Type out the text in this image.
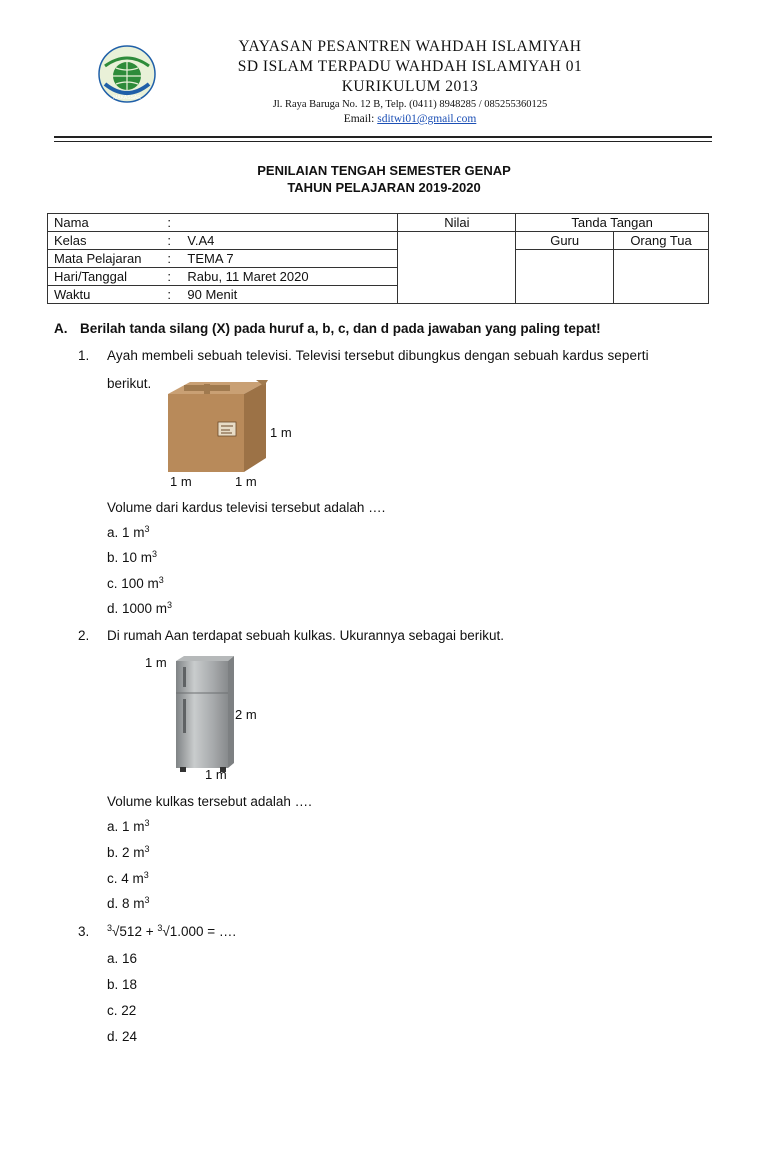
MAKASSAR
YAYASAN PESANTREN WAHDAH ISLAMIYAH
SD ISLAM TERPADU WAHDAH ISLAMIYAH 01
KURIKULUM 2013
Jl. Raya Baruga No. 12 B, Telp. (0411) 8948285 / 085255360125
Email: sditwi01@gmail.com
PENILAIAN TENGAH SEMESTER GENAP
TAHUN PELAJARAN 2019-2020
Nama	:		Nilai	Tanda Tangan	
Kelas	:	V.A4		Guru	Orang Tua
Mata Pelajaran	:	TEMA 7			
Hari/Tanggal	:	Rabu, 11 Maret 2020			
Waktu	:	90 Menit			
A. Berilah tanda silang (X) pada huruf a, b, c, dan d pada jawaban yang paling tepat!
1. Ayah membeli sebuah televisi. Televisi tersebut dibungkus dengan sebuah kardus seperti
berikut.
1 m
1 m	1 m
Volume dari kardus televisi tersebut adalah ….
a. 1 $m^3$
b. 10 $m^3$
c. 100 $m^3$
d. 1000 $m^3$
2. Di rumah Aan terdapat sebuah kulkas. Ukurannya sebagai berikut.
1 m
2 m
1 m
Volume kulkas tersebut adalah ….
a. 1 $m^3$
b. 2 $m^3$
c. 4 $m^3$
d. 8 $m^3$
3. $^3$√512 + $^3$√1.000 = ….
a. 16
b. 18
c. 22
d. 24
